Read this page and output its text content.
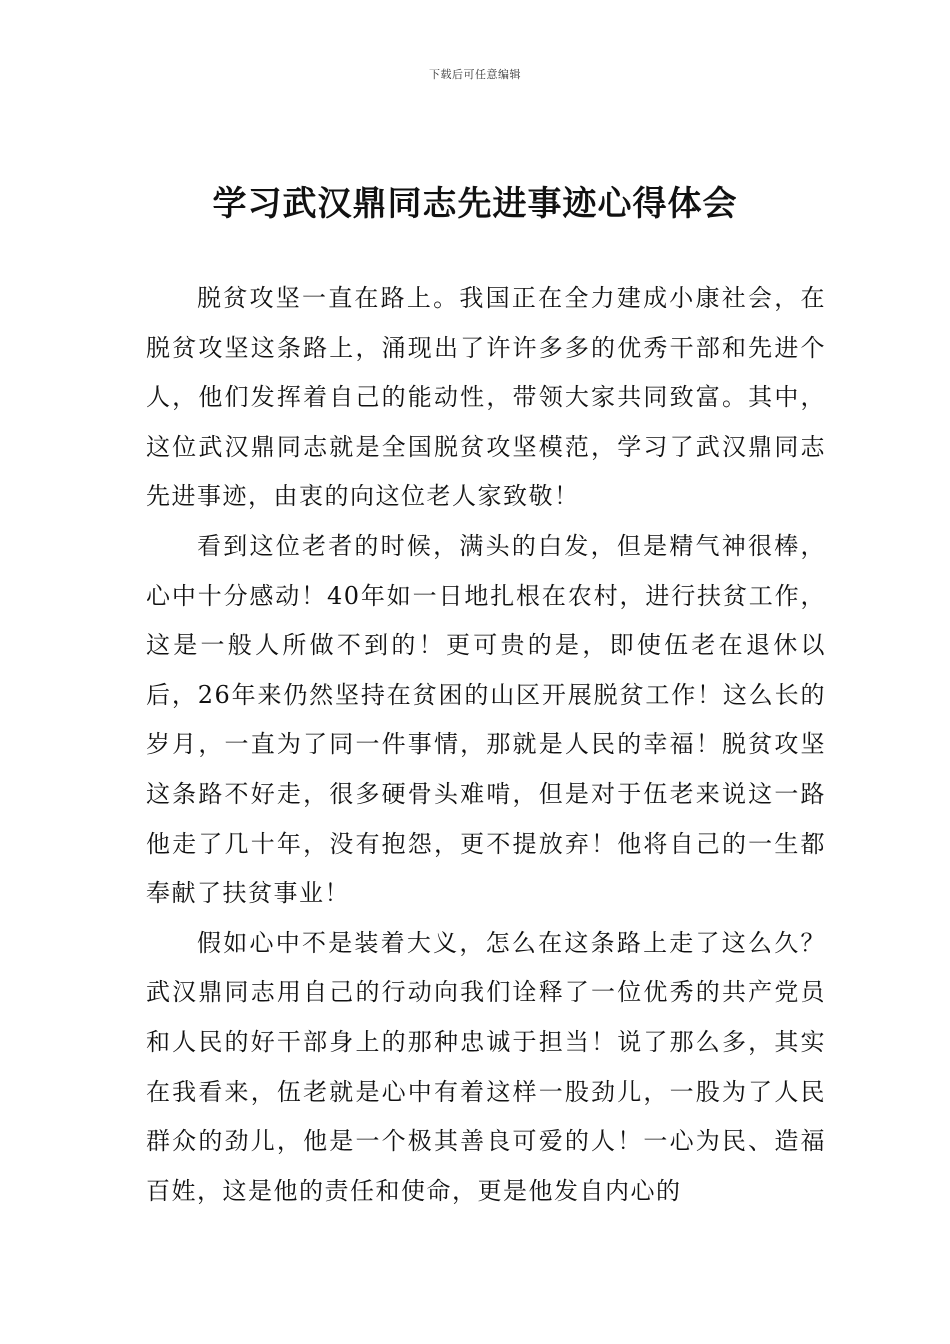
下载后可任意编辑
学习武汉鼎同志先进事迹心得体会

脱贫攻坚一直在路上。我国正在全力建成小康社会，在脱贫攻坚这条路上，涌现出了许许多多的优秀干部和先进个人，他们发挥着自己的能动性，带领大家共同致富。其中，这位武汉鼎同志就是全国脱贫攻坚模范，学习了武汉鼎同志先进事迹，由衷的向这位老人家致敬！

看到这位老者的时候，满头的白发，但是精气神很棒，心中十分感动！40年如一日地扎根在农村，进行扶贫工作，这是一般人所做不到的！更可贵的是，即使伍老在退休以后，26年来仍然坚持在贫困的山区开展脱贫工作！这么长的岁月，一直为了同一件事情，那就是人民的幸福！脱贫攻坚这条路不好走，很多硬骨头难啃，但是对于伍老来说这一路他走了几十年，没有抱怨，更不提放弃！他将自己的一生都奉献了扶贫事业！

假如心中不是装着大义，怎么在这条路上走了这么久？武汉鼎同志用自己的行动向我们诠释了一位优秀的共产党员和人民的好干部身上的那种忠诚于担当！说了那么多，其实在我看来，伍老就是心中有着这样一股劲儿，一股为了人民群众的劲儿，他是一个极其善良可爱的人！一心为民、造福百姓，这是他的责任和使命，更是他发自内心的
